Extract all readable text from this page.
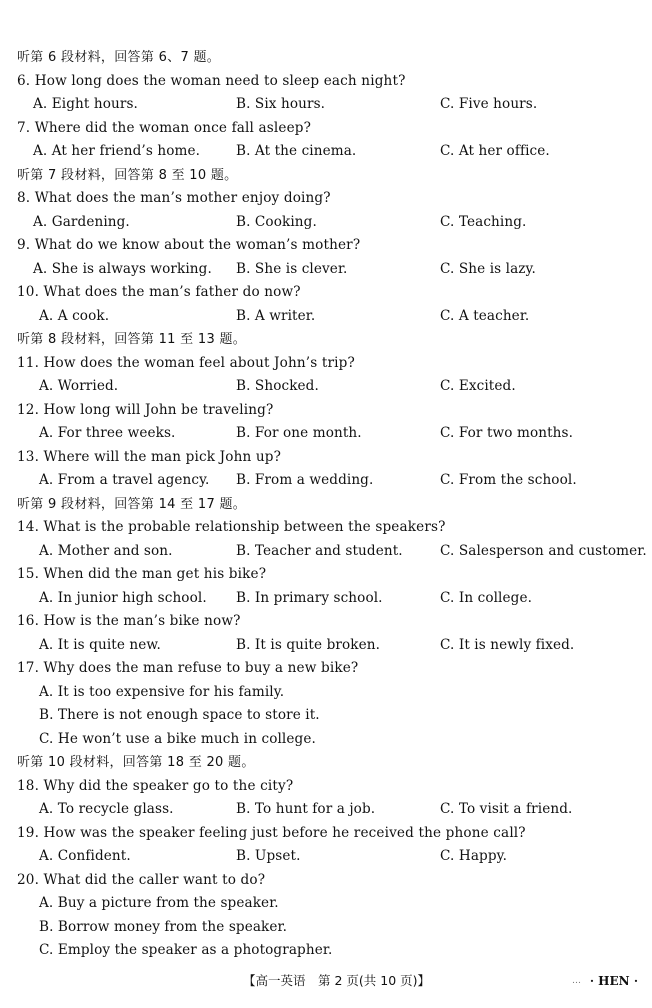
听第 6 段材料，回答第 6、7 题。
6. How long does the woman need to sleep each night?
A. Eight hours.	B. Six hours.	C. Five hours.
7. Where did the woman once fall asleep?
A. At her friend’s home.	B. At the cinema.	C. At her office.
听第 7 段材料，回答第 8 至 10 题。
8. What does the man’s mother enjoy doing?
A. Gardening.	B. Cooking.	C. Teaching.
9. What do we know about the woman’s mother?
A. She is always working. B. She is clever.	C. She is lazy.
10. What does the man’s father do now?
A. A cook.	B. A writer.	C. A teacher.
听第 8 段材料，回答第 11 至 13 题。
11. How does the woman feel about John’s trip?
A. Worried.	B. Shocked.	C. Excited.
12. How long will John be traveling?
A. For three weeks.	B. For one month.	C. For two months.
13. Where will the man pick John up?
A. From a travel agency. B. From a wedding.	C. From the school.
听第 9 段材料，回答第 14 至 17 题。
14. What is the probable relationship between the speakers?
A. Mother and son.	B. Teacher and student.	C. Salesperson and customer.
15. When did the man get his bike?
A. In junior high school. B. In primary school.	C. In college.
16. How is the man’s bike now?
A. It is quite new.	B. It is quite broken.	C. It is newly fixed.
17. Why does the man refuse to buy a new bike?
A. It is too expensive for his family.
B. There is not enough space to store it.
C. He won’t use a bike much in college.
听第 10 段材料，回答第 18 至 20 题。
18. Why did the speaker go to the city?
A. To recycle glass.	B. To hunt for a job.	C. To visit a friend.
19. How was the speaker feeling just before he received the phone call?
A. Confident.	B. Upset.	C. Happy.
20. What did the caller want to do?
A. Buy a picture from the speaker.
B. Borrow money from the speaker.
C. Employ the speaker as a photographer.
【高一英语　第 2 页(共 10 页)】	… · HEN ·
